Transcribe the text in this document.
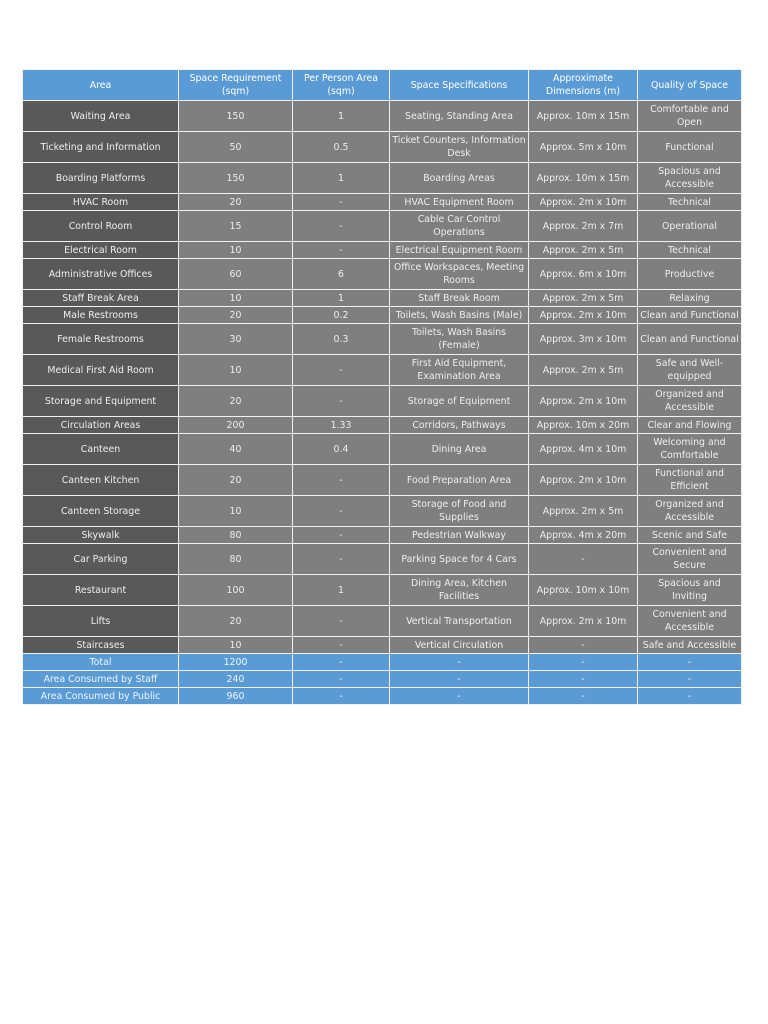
Area	Space Requirement (sqm)	Per Person Area (sqm)	Space Specifications	Approximate Dimensions (m)	Quality of Space
Waiting Area	150	1	Seating, Standing Area	Approx. 10m x 15m	Comfortable and Open
Ticketing and Information	50	0.5	Ticket Counters, Information Desk	Approx. 5m x 10m	Functional
Boarding Platforms	150	1	Boarding Areas	Approx. 10m x 15m	Spacious and Accessible
HVAC Room	20	-	HVAC Equipment Room	Approx. 2m x 10m	Technical
Control Room	15	-	Cable Car Control Operations	Approx. 2m x 7m	Operational
Electrical Room	10	-	Electrical Equipment Room	Approx. 2m x 5m	Technical
Administrative Offices	60	6	Office Workspaces, Meeting Rooms	Approx. 6m x 10m	Productive
Staff Break Area	10	1	Staff Break Room	Approx. 2m x 5m	Relaxing
Male Restrooms	20	0.2	Toilets, Wash Basins (Male)	Approx. 2m x 10m	Clean and Functional
Female Restrooms	30	0.3	Toilets, Wash Basins (Female)	Approx. 3m x 10m	Clean and Functional
Medical First Aid Room	10	-	First Aid Equipment, Examination Area	Approx. 2m x 5m	Safe and Well-equipped
Storage and Equipment	20	-	Storage of Equipment	Approx. 2m x 10m	Organized and Accessible
Circulation Areas	200	1.33	Corridors, Pathways	Approx. 10m x 20m	Clear and Flowing
Canteen	40	0.4	Dining Area	Approx. 4m x 10m	Welcoming and Comfortable
Canteen Kitchen	20	-	Food Preparation Area	Approx. 2m x 10m	Functional and Efficient
Canteen Storage	10	-	Storage of Food and Supplies	Approx. 2m x 5m	Organized and Accessible
Skywalk	80	-	Pedestrian Walkway	Approx. 4m x 20m	Scenic and Safe
Car Parking	80	-	Parking Space for 4 Cars	-	Convenient and Secure
Restaurant	100	1	Dining Area, Kitchen Facilities	Approx. 10m x 10m	Spacious and Inviting
Lifts	20	-	Vertical Transportation	Approx. 2m x 10m	Convenient and Accessible
Staircases	10	-	Vertical Circulation	-	Safe and Accessible
Total	1200	-	-	-	-
Area Consumed by Staff	240	-	-	-	-
Area Consumed by Public	960	-	-	-	-
